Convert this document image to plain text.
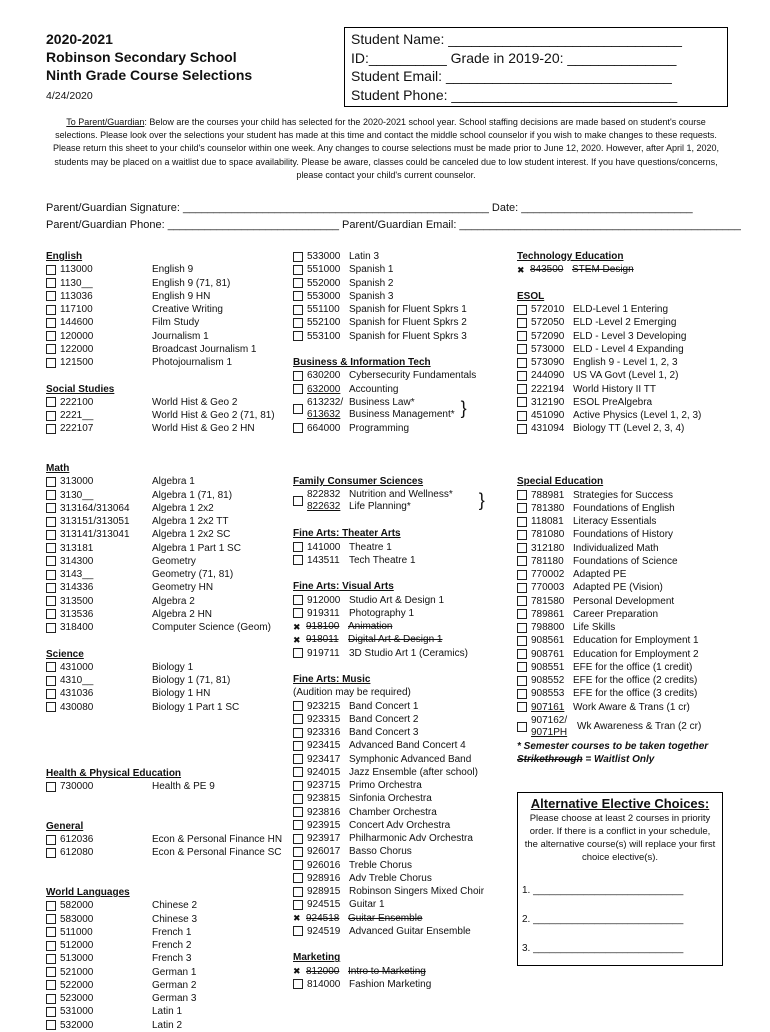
2020-2021
Robinson Secondary School
Ninth Grade Course Selections
4/24/2020
Student Name: ______________________________
ID:__________ Grade in 2019-20: ______________
Student Email: _____________________________
Student Phone: _____________________________
To Parent/Guardian: Below are the courses your child has selected for the 2020-2021 school year. School staffing decisions are made based on student's course selections. Please look over the selections your student has made at this time and contact the middle school counselor if you wish to make changes to these requests. Please return this sheet to your child's counselor within one week. Any changes to course selections must be made prior to June 12, 2020. However, after April 1, 2020, students may be placed on a waitlist due to space availability. Please be aware, classes could be canceled due to low student interest. If you have questions/concerns, please contact your child's current counselor.
Parent/Guardian Signature: __________________________________________________ Date: ____________________________
Parent/Guardian Phone: ____________________________ Parent/Guardian Email: ______________________________________________
English
113000	English 9
1130__	English 9 (71, 81)
113036	English 9 HN
117100	Creative Writing
144600	Film Study
120000	Journalism 1
122000	Broadcast Journalism 1
121500	Photojournalism 1
Social Studies
222100	World Hist & Geo 2
2221__	World Hist & Geo 2 (71, 81)
222107	World Hist & Geo 2 HN
Math
313000	Algebra 1
3130__	Algebra 1 (71, 81)
313164/313064	Algebra 1 2x2
313151/313051	Algebra 1 2x2 TT
313141/313041	Algebra 1 2x2 SC
313181	Algebra 1 Part 1 SC
314300	Geometry
3143__	Geometry (71, 81)
314336	Geometry HN
313500	Algebra 2
313536	Algebra 2 HN
318400	Computer Science (Geom)
Science
431000	Biology 1
4310__	Biology 1 (71, 81)
431036	Biology 1 HN
430080	Biology 1 Part 1 SC
Health & Physical Education
730000	Health & PE 9
General
612036	Econ & Personal Finance HN
612080	Econ & Personal Finance SC
World Languages
582000	Chinese 2
583000	Chinese 3
511000	French 1
512000	French 2
513000	French 3
521000	German 1
522000	German 2
523000	German 3
531000	Latin 1
532000	Latin 2
533000 Latin 3
551000 Spanish 1
552000 Spanish 2
553000 Spanish 3
551100 Spanish for Fluent Spkrs 1
552100 Spanish for Fluent Spkrs 2
553100 Spanish for Fluent Spkrs 3
Business & Information Tech
630200 Cybersecurity Fundamentals
632000 Accounting
613232/ Business Law*
613632 Business Management* }
664000 Programming
Family Consumer Sciences
822832 Nutrition and Wellness*
822632 Life Planning*	}
Fine Arts: Theater Arts
141000 Theatre 1
143511 Tech Theatre 1
Fine Arts: Visual Arts
912000 Studio Art & Design 1
919311 Photography 1
✖ 918100 Animation
✖ 918011 Digital Art & Design 1
919711 3D Studio Art 1 (Ceramics)
Fine Arts: Music
(Audition may be required)
923215 Band Concert 1
923315 Band Concert 2
923316 Band Concert 3
923415 Advanced Band Concert 4
923417 Symphonic Advanced Band
924015 Jazz Ensemble (after school)
923715 Primo Orchestra
923815 Sinfonia Orchestra
923816 Chamber Orchestra
923915 Concert Adv Orchestra
923917 Philharmonic Adv Orchestra
926017 Basso Chorus
926016 Treble Chorus
928916 Adv Treble Chorus
928915 Robinson Singers Mixed Choir
924515 Guitar 1
✖ 924518 Guitar Ensemble
924519 Advanced Guitar Ensemble
Marketing
✖ 812000 Intro to Marketing
814000 Fashion Marketing
Technology Education
✖ 843500 STEM Design
ESOL
572010 ELD-Level 1 Entering
572050 ELD -Level 2 Emerging
572090 ELD - Level 3 Developing
573000 ELD - Level 4 Expanding
573090 English 9 - Level 1, 2, 3
244090 US VA Govt (Level 1, 2)
222194 World History II TT
312190 ESOL PreAlgebra
451090 Active Physics (Level 1, 2, 3)
431094 Biology TT (Level 2, 3, 4)
Special Education
788981 Strategies for Success
781380 Foundations of English
118081 Literacy Essentials
781080 Foundations of History
312180 Individualized Math
781180 Foundations of Science
770002 Adapted PE
770003 Adapted PE (Vision)
781580 Personal Development
789861 Career Preparation
798800 Life Skills
908561 Education for Employment 1
908761 Education for Employment 2
908551 EFE for the office (1 credit)
908552 EFE for the office (2 credits)
908553 EFE for the office (3 credits)
907161 Work Aware & Trans (1 cr)
907162/
9071PH
Wk Awareness & Tran (2 cr)
* Semester courses to be taken together
Strikethrough = Waitlist Only
Alternative Elective Choices:
Please choose at least 2 courses in priority order. If there is a conflict in your schedule, the alternative course(s) will replace your first choice elective(s).
1. ___________________________
2. ___________________________
3. ___________________________
